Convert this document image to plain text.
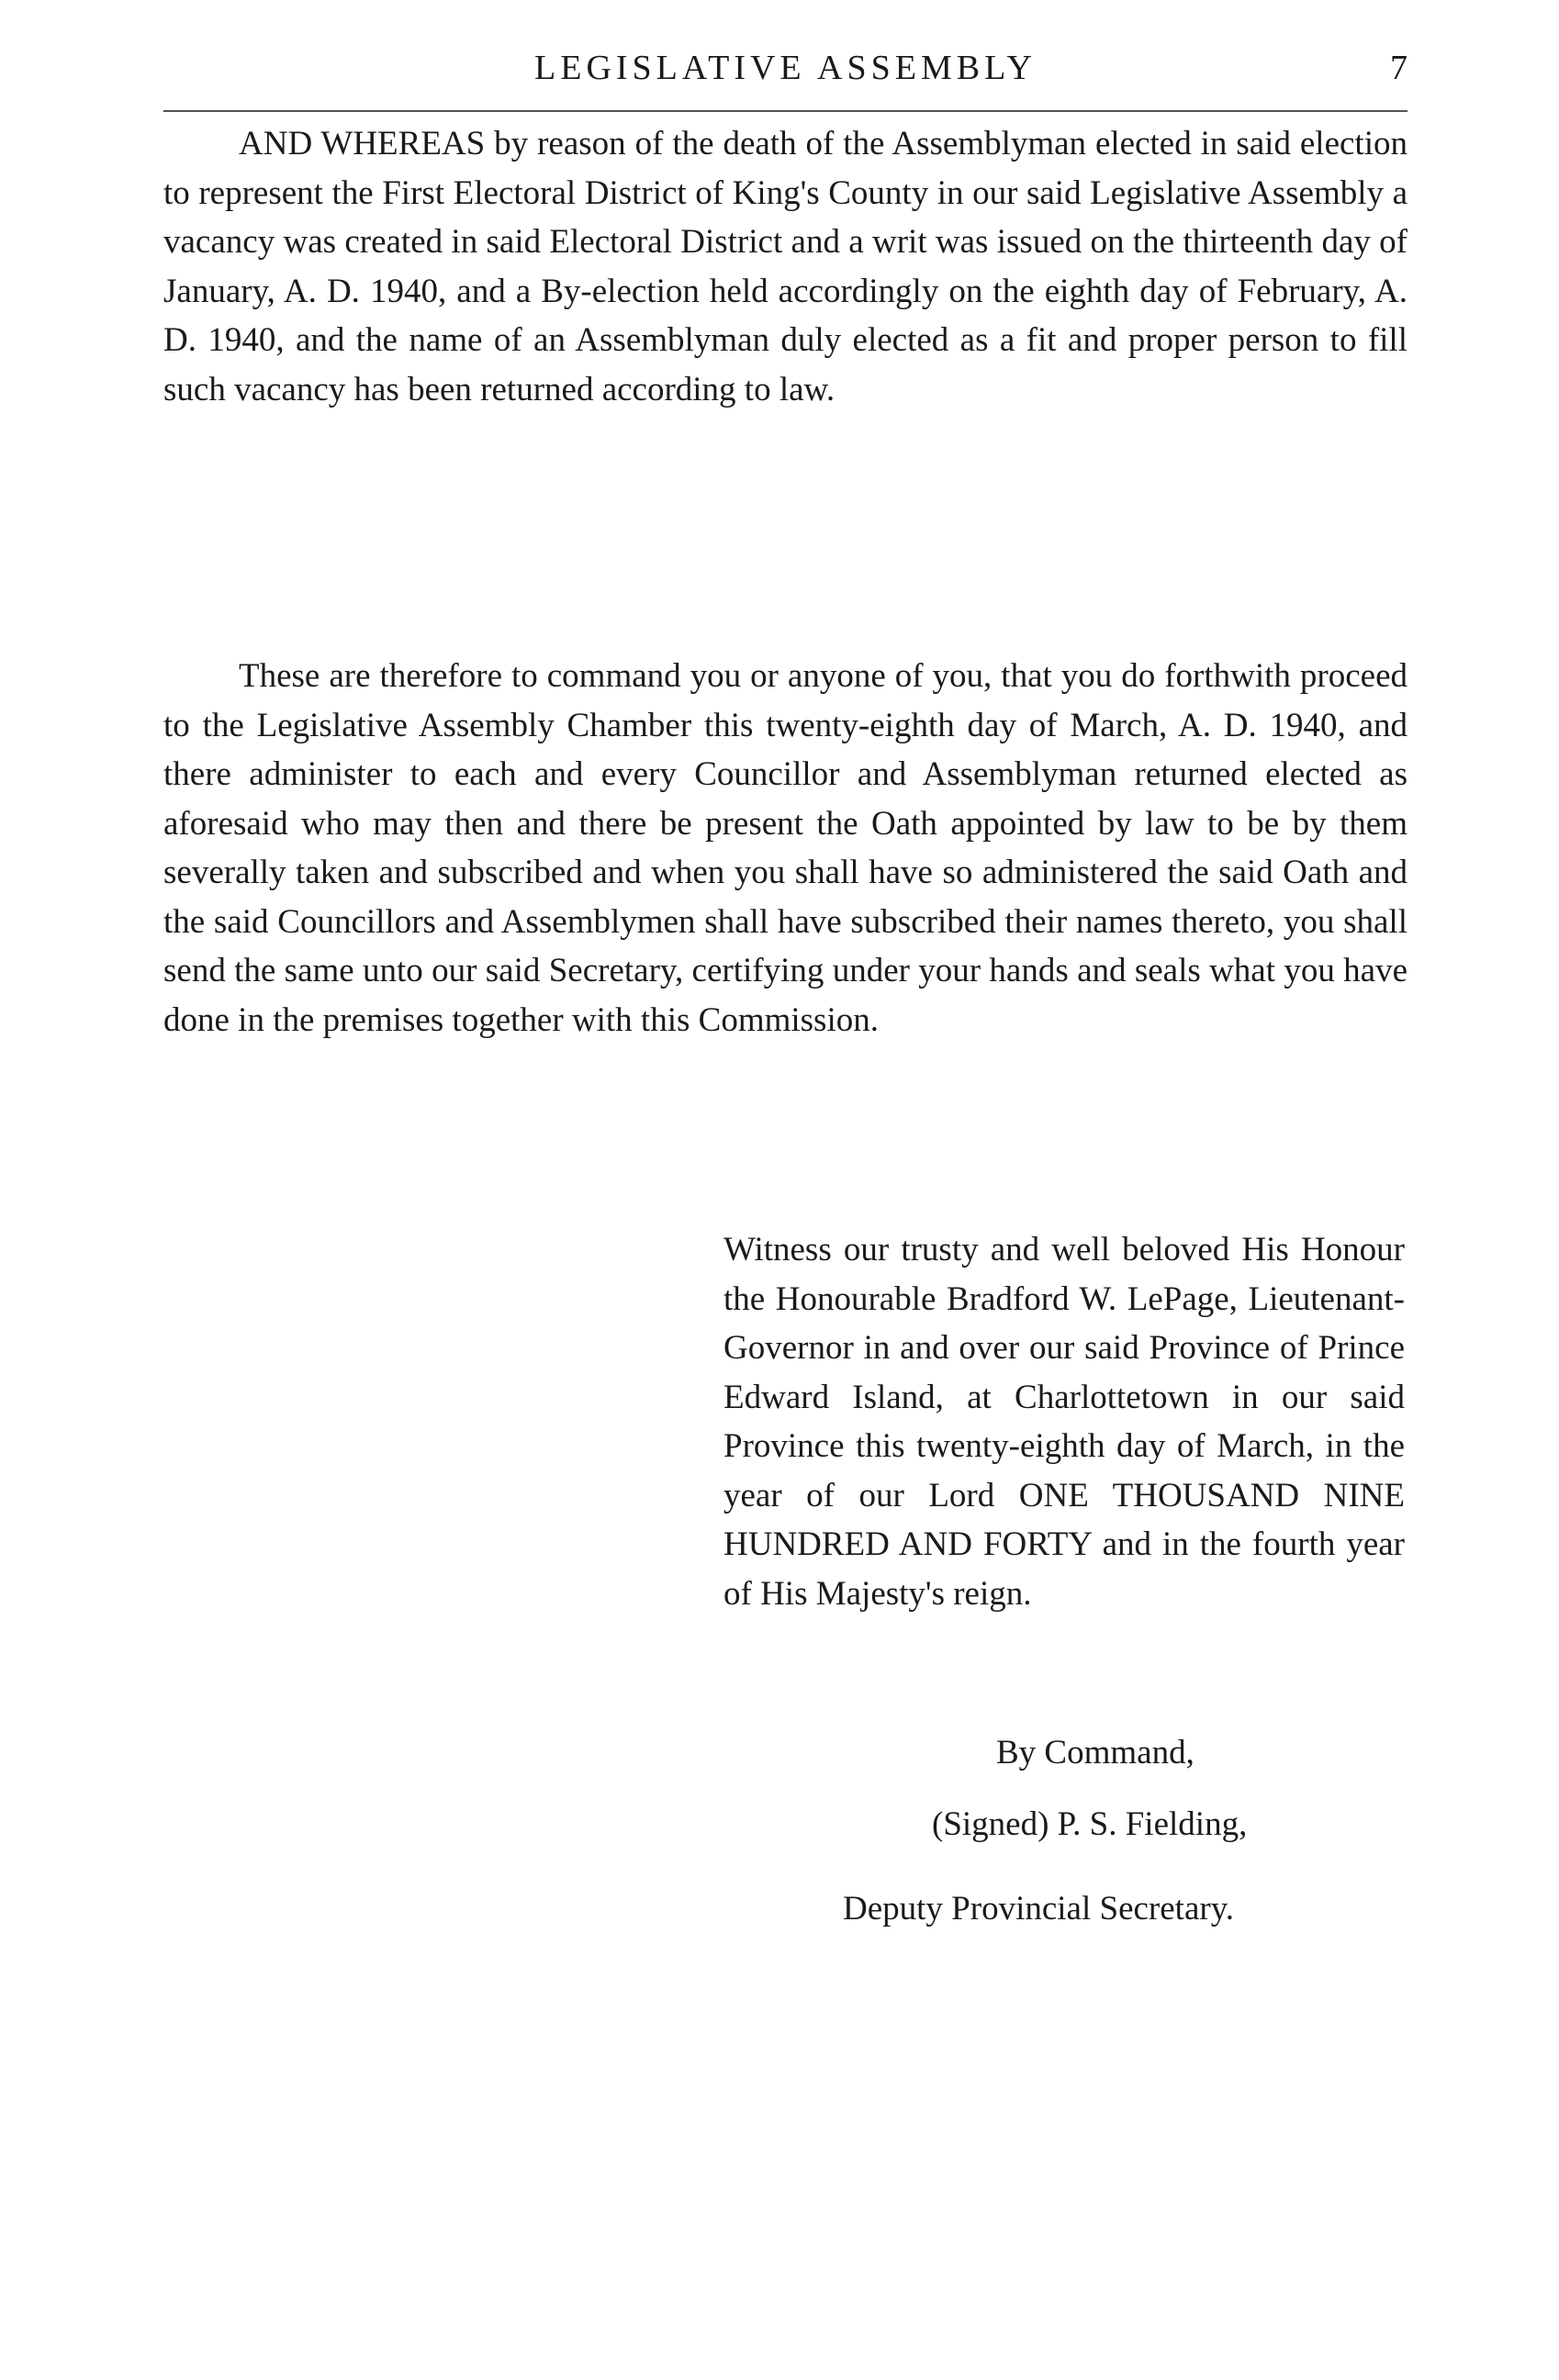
LEGISLATIVE ASSEMBLY	7

AND WHEREAS by reason of the death of the Assemblyman elected in said election to represent the First Electoral District of King's County in our said Legislative Assembly a vacancy was created in said Electoral District and a writ was issued on the thirteenth day of January, A. D. 1940, and a By-election held accordingly on the eighth day of February, A. D. 1940, and the name of an Assemblyman duly elected as a fit and proper person to fill such vacancy has been returned according to law.

These are therefore to command you or anyone of you, that you do forthwith proceed to the Legislative Assembly Chamber this twenty-eighth day of March, A. D. 1940, and there administer to each and every Councillor and Assemblyman returned elected as aforesaid who may then and there be present the Oath appointed by law to be by them severally taken and subscribed and when you shall have so administered the said Oath and the said Councillors and Assemblymen shall have subscribed their names thereto, you shall send the same unto our said Secretary, certifying under your hands and seals what you have done in the premises together with this Commission.

Witness our trusty and well beloved His Honour the Honourable Bradford W. LePage, Lieutenant-Governor in and over our said Province of Prince Edward Island, at Charlottetown in our said Province this twenty-eighth day of March, in the year of our Lord ONE THOUSAND NINE HUNDRED AND FORTY and in the fourth year of His Majesty's reign.

By Command,

(Signed) P. S. Fielding,

Deputy Provincial Secretary.
